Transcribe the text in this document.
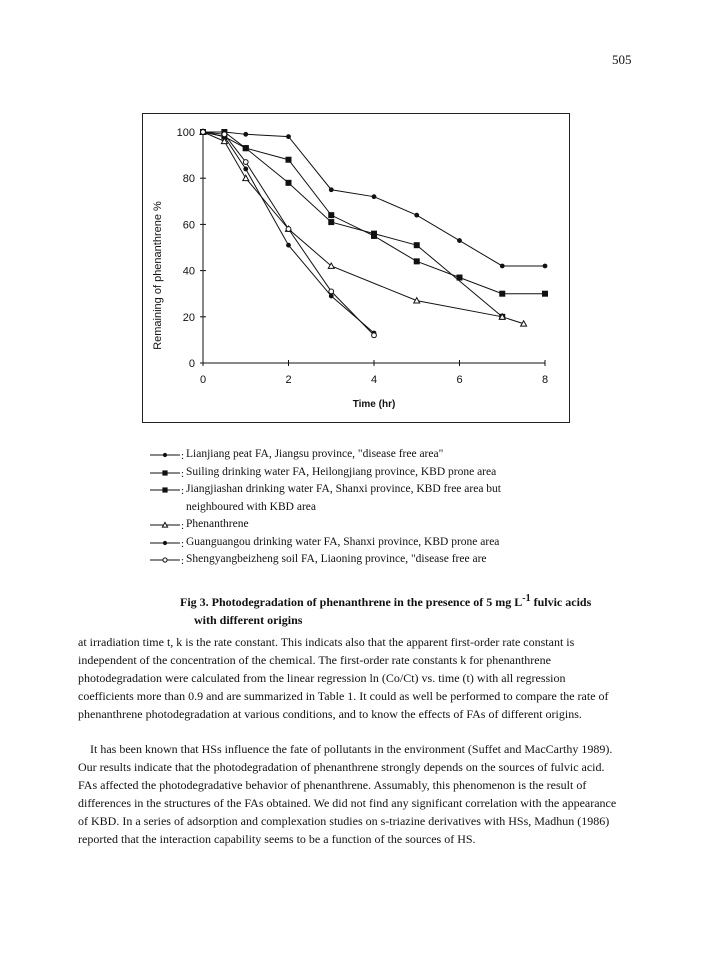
505
0
20
40
60
80
100
0	2	4	6	8
Time (hr)
Remaining of phenanthrene %
: Lianjiang peat FA, Jiangsu province, "disease free area"
: Suiling drinking water FA, Heilongjiang province, KBD prone area
: Jiangjiashan drinking water FA, Shanxi province, KBD free area but
neighboured with KBD area
: Phenanthrene
: Guanguangou drinking water FA, Shanxi province, KBD prone area
: Shengyangbeizheng soil FA, Liaoning province, "disease free are
Fig 3. Photodegradation of phenanthrene in the presence of 5 mg $L^{-1}$ fulvic acids
with different origins

at irradiation time t, k is the rate constant. This indicats also that the apparent first-order rate constant is
independent of the concentration of the chemical. The first-order rate constants k for phenanthrene
photodegradation were calculated from the linear regression ln (Co/Ct) vs. time (t) with all regression
coefficients more than 0.9 and are summarized in Table 1. It could as well be performed to compare the rate of
phenanthrene photodegradation at various conditions, and to know the effects of FAs of different origins.

It has been known that HSs influence the fate of pollutants in the environment (Suffet and MacCarthy 1989).
Our results indicate that the photodegradation of phenanthrene strongly depends on the sources of fulvic acid.
FAs affected the photodegradative behavior of phenanthrene. Assumably, this phenomenon is the result of
differences in the structures of the FAs obtained. We did not find any significant correlation with the appearance
of KBD. In a series of adsorption and complexation studies on s-triazine derivatives with HSs, Madhun (1986)
reported that the interaction capability seems to be a function of the sources of HS.
